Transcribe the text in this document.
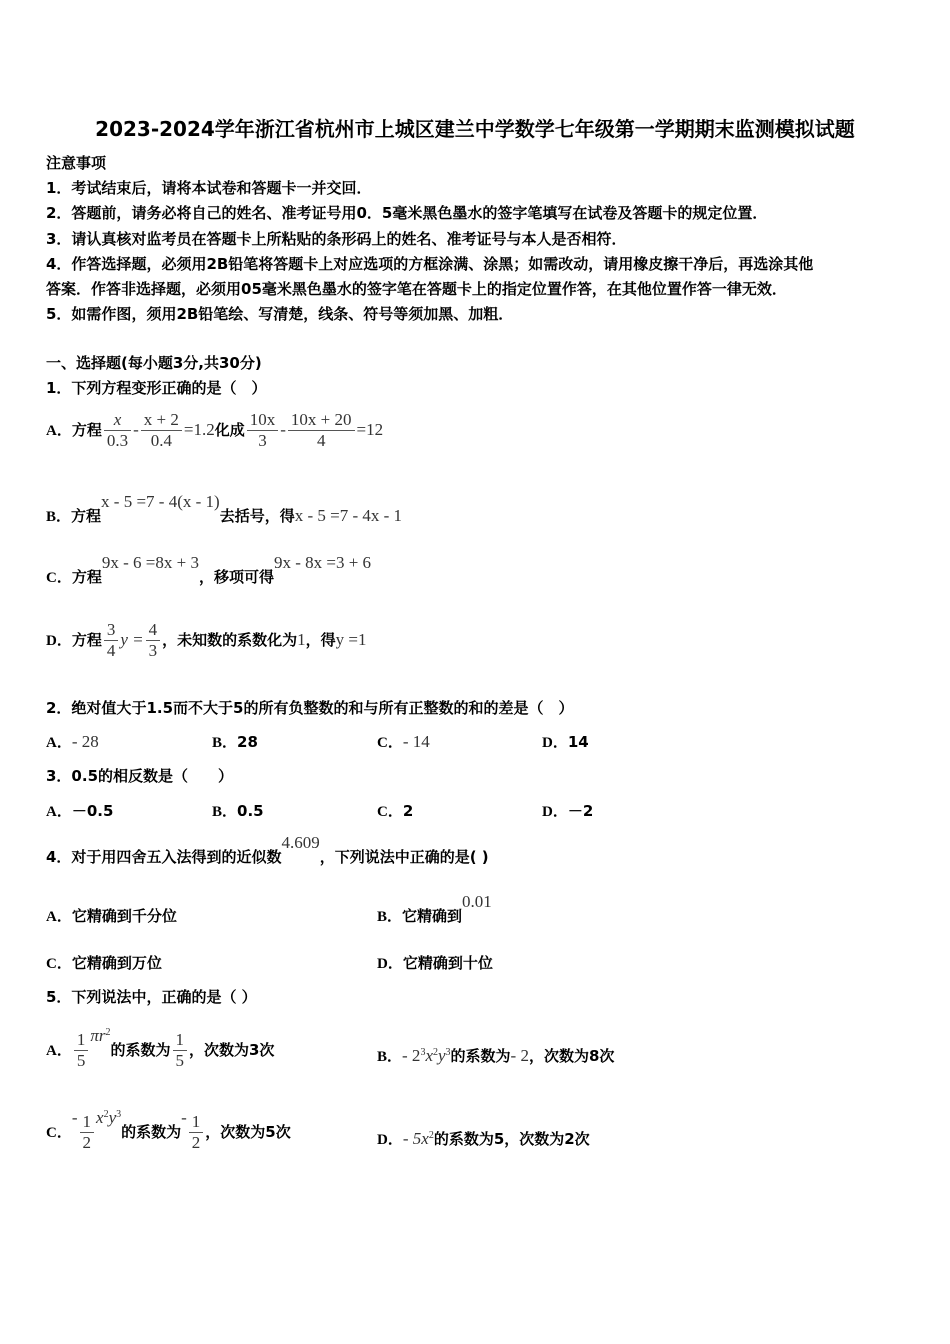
2023-2024学年浙江省杭州市上城区建兰中学数学七年级第一学期期末监测模拟试题
注意事项
1．考试结束后，请将本试卷和答题卡一并交回．
2．答题前，请务必将自己的姓名、准考证号用0．5毫米黑色墨水的签字笔填写在试卷及答题卡的规定位置．
3．请认真核对监考员在答题卡上所粘贴的条形码上的姓名、准考证号与本人是否相符．
4．作答选择题，必须用2B铅笔将答题卡上对应选项的方框涂满、涂黑；如需改动，请用橡皮擦干净后，再选涂其他
答案．作答非选择题，必须用05毫米黑色墨水的签字笔在答题卡上的指定位置作答，在其他位置作答一律无效．
5．如需作图，须用2B铅笔绘、写清楚，线条、符号等须加黑、加粗．
一、选择题(每小题3分,共30分)
1．下列方程变形正确的是（　）
A．方程 $\frac{x}{0.3} - \frac{x + 2}{0.4} =1.2$化成 $\frac{10x}{3} - \frac{10x + 20}{4} =12$
B．方程x - 5 =7 - 4(x - 1)去括号，得x - 5 =7 - 4x - 1
C．方程9x - 6 =8x + 3，移项可得9x - 8x =3 + 6
D．方程 $\frac{3}{4}$ $y = \frac{4}{3}$ ，未知数的系数化为1，得y =1
2．绝对值大于1.5而不大于5的所有负整数的和与所有正整数的和的差是（　）
A．- 28	B．28	C．- 14	D．14
3．0.5的相反数是（　　）
A．－0.5	B．0.5	C．2	D．－2
4．对于用四舍五入法得到的近似数4.609，下列说法中正确的是( )
A．它精确到千分位	B．它精确到0.01
C．它精确到万位	D．它精确到十位
5．下列说法中，正确的是（ ）
A． $\frac{1}{5} \pi r^2$的系数为 $\frac{1}{5}$ ，次数为3次	B．- $2^3x^2y^3$的系数为- 2，次数为8次
C．- $\frac{1}{2} x^2y^3$的系数为- $\frac{1}{2}$ ，次数为5次	D．- $5x^2$的系数为5，次数为2次
